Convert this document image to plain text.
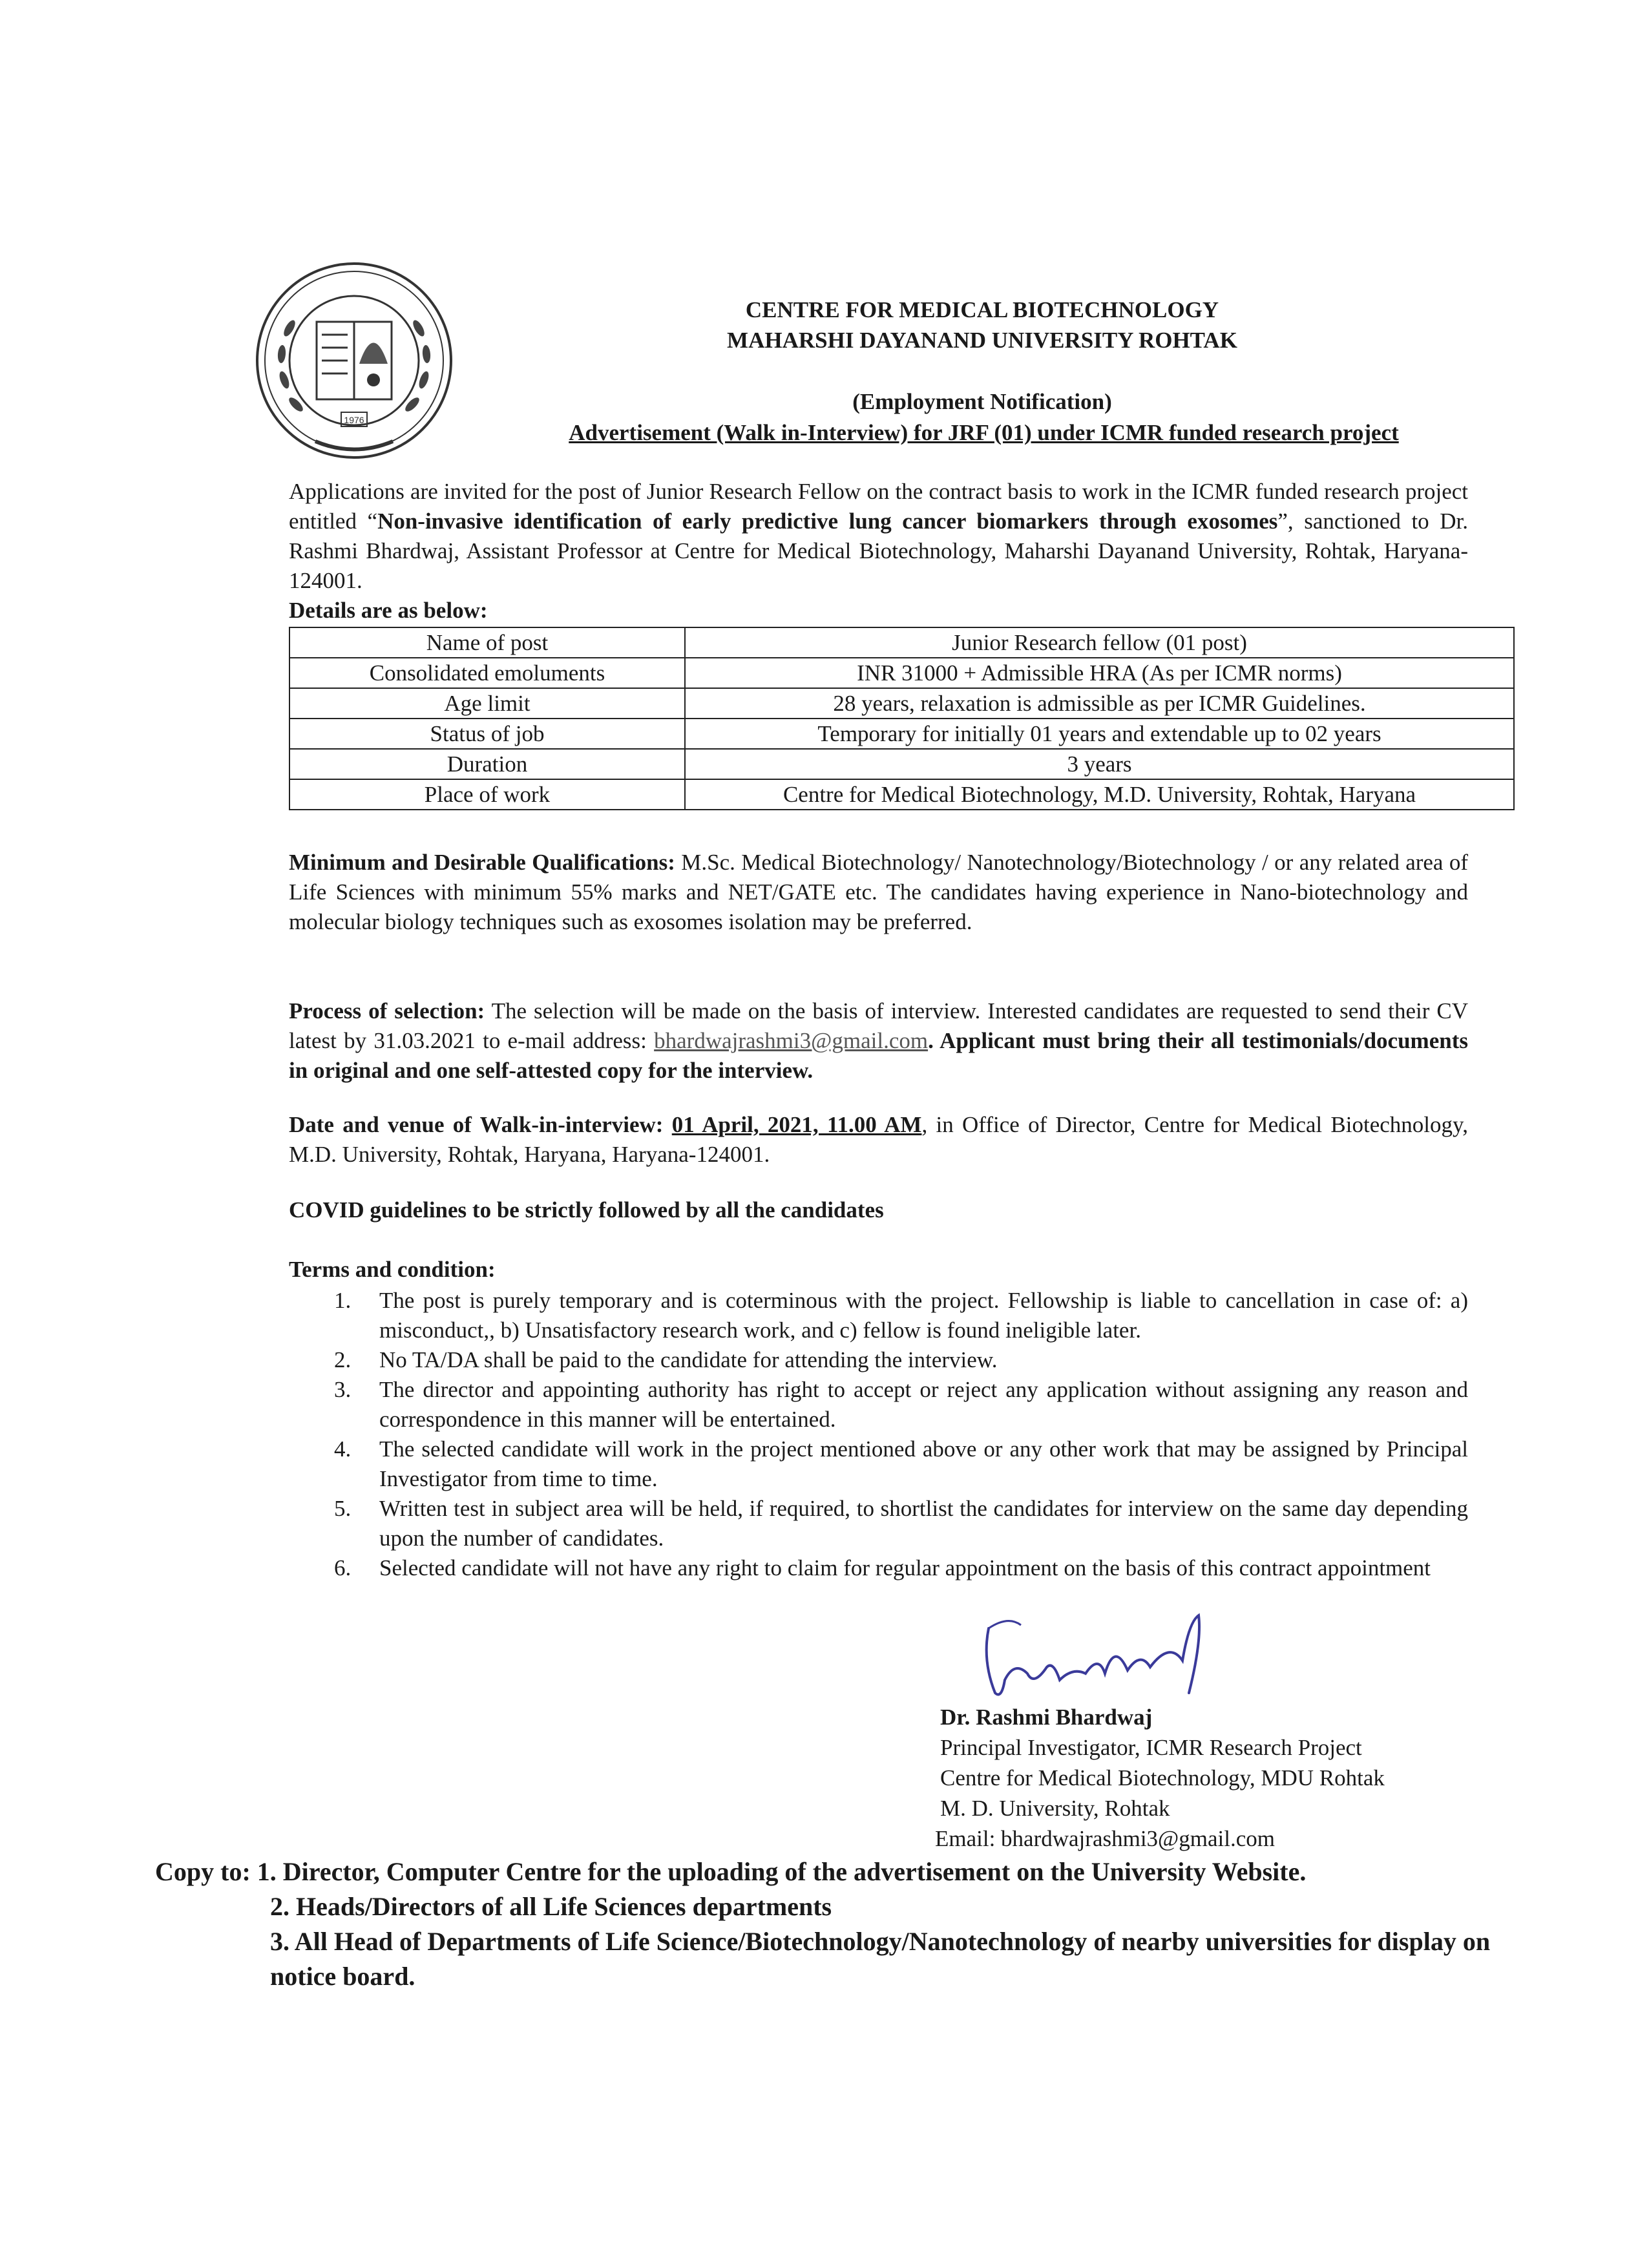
1976
CENTRE FOR MEDICAL BIOTECHNOLOGY
MAHARSHI DAYANAND UNIVERSITY ROHTAK
(Employment Notification)
Advertisement (Walk in-Interview) for JRF (01) under ICMR funded research project

Applications are invited for the post of Junior Research Fellow on the contract basis to work in the ICMR funded research project entitled “Non-invasive identification of early predictive lung cancer biomarkers through exosomes”, sanctioned to Dr. Rashmi Bhardwaj, Assistant Professor at Centre for Medical Biotechnology, Maharshi Dayanand University, Rohtak, Haryana-124001.

Details are as below:
Name of post	Junior Research fellow (01 post)
Consolidated emoluments	INR 31000 + Admissible HRA (As per ICMR norms)
Age limit	28 years, relaxation is admissible as per ICMR Guidelines.
Status of job	Temporary for initially 01 years and extendable up to 02 years
Duration	3 years
Place of work	Centre for Medical Biotechnology, M.D. University, Rohtak, Haryana

Minimum and Desirable Qualifications: M.Sc. Medical Biotechnology/ Nanotechnology/Biotechnology / or any related area of Life Sciences with minimum 55% marks and NET/GATE etc. The candidates having experience in Nano-biotechnology and molecular biology techniques such as exosomes isolation may be preferred.

Process of selection: The selection will be made on the basis of interview. Interested candidates are requested to send their CV latest by 31.03.2021 to e-mail address: bhardwajrashmi3@gmail.com. Applicant must bring their all testimonials/documents in original and one self-attested copy for the interview.

Date and venue of Walk-in-interview: 01 April, 2021, 11.00 AM, in Office of Director, Centre for Medical Biotechnology, M.D. University, Rohtak, Haryana, Haryana-124001.

COVID guidelines to be strictly followed by all the candidates
Terms and condition:
1. The post is purely temporary and is coterminous with the project. Fellowship is liable to cancellation in case of: a) misconduct,, b) Unsatisfactory research work, and c) fellow is found ineligible later.
2. No TA/DA shall be paid to the candidate for attending the interview.
3. The director and appointing authority has right to accept or reject any application without assigning any reason and correspondence in this manner will be entertained.
4. The selected candidate will work in the project mentioned above or any other work that may be assigned by Principal Investigator from time to time.
5. Written test in subject area will be held, if required, to shortlist the candidates for interview on the same day depending upon the number of candidates.
6. Selected candidate will not have any right to claim for regular appointment on the basis of this contract appointment
Dr. Rashmi Bhardwaj
Principal Investigator, ICMR Research Project
Centre for Medical Biotechnology, MDU Rohtak
M. D. University, Rohtak
Email: bhardwajrashmi3@gmail.com
Copy to: 1. Director, Computer Centre for the uploading of the advertisement on the University Website.
2. Heads/Directors of all Life Sciences departments
3. All Head of Departments of Life Science/Biotechnology/Nanotechnology of nearby universities for display on notice board.
